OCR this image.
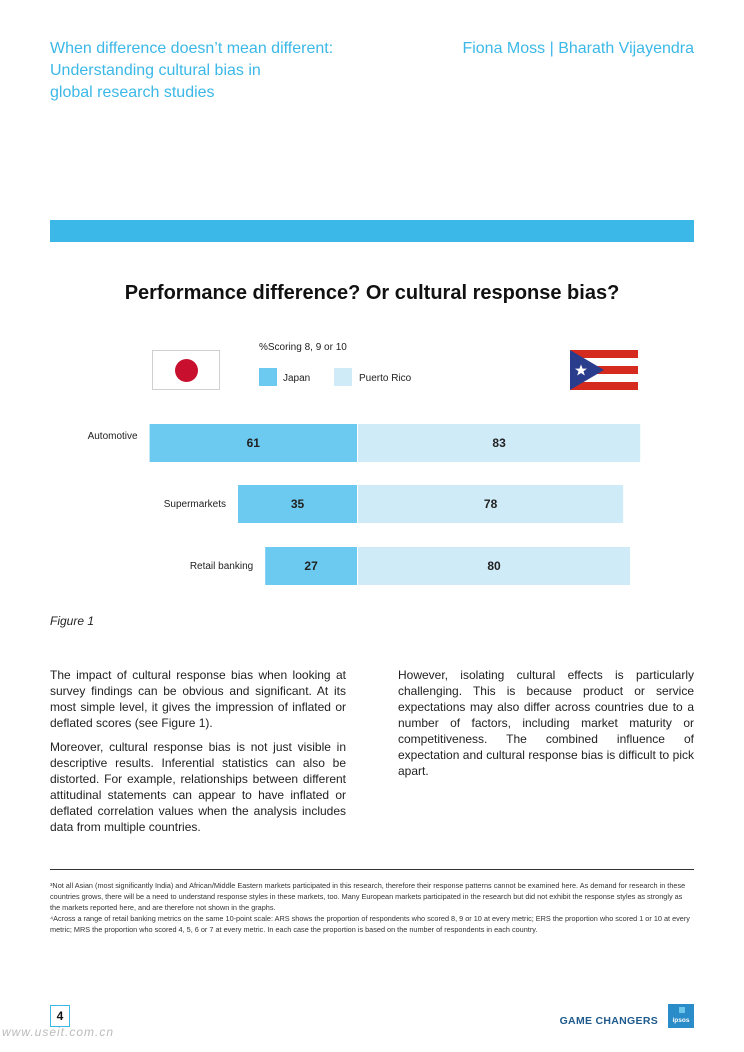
When difference doesn’t mean different:
Understanding cultural bias in
global research studies
Fiona Moss | Bharath Vijayendra
Performance difference? Or cultural response bias?
%Scoring 8, 9 or 10
Japan	Puerto Rico
61	83
Automotive
35	78
Supermarkets
27	80
Retail banking
Figure 1

The impact of cultural response bias when looking at survey findings can be obvious and significant. At its most simple level, it gives the impression of inflated or deflated scores (see Figure 1).

Moreover, cultural response bias is not just visible in descriptive results. Inferential statistics can also be distorted. For example, relationships between different attitudinal statements can appear to have inflated or deflated correlation values when the analysis includes data from multiple countries.

However, isolating cultural effects is particularly challenging. This is because product or service expectations may also differ across countries due to a number of factors, including market maturity or competitiveness. The combined influence of expectation and cultural response bias is difficult to pick apart.

³Not all Asian (most significantly India) and African/Middle Eastern markets participated in this research, therefore their response patterns cannot be examined here. As demand for research in these countries grows, there will be a need to understand response styles in these markets, too. Many European markets participated in the research but did not exhibit the response styles as strongly as the markets reported here, and are therefore not shown in the graphs.

⁴Across a range of retail banking metrics on the same 10-point scale: ARS shows the proportion of respondents who scored 8, 9 or 10 at every metric; ERS the proportion who scored 1 or 10 at every metric; MRS the proportion who scored 4, 5, 6 or 7 at every metric. In each case the proportion is based on the number of respondents in each country.

4
www.useit.com.cn
GAME CHANGERS	ipsos
